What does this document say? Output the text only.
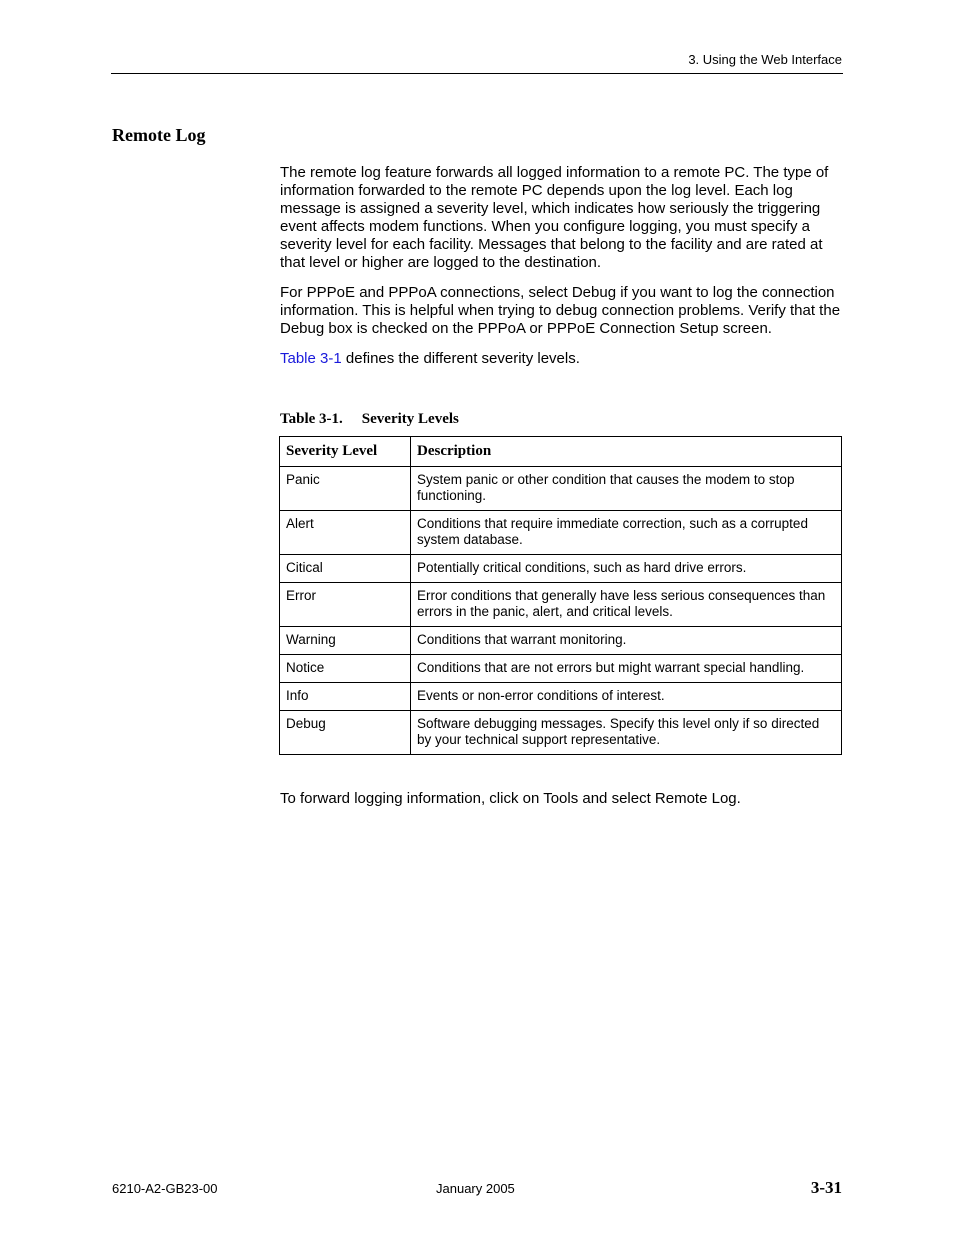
3. Using the Web Interface
Remote Log

The remote log feature forwards all logged information to a remote PC. The type of information forwarded to the remote PC depends upon the log level. Each log message is assigned a severity level, which indicates how seriously the triggering event affects modem functions. When you configure logging, you must specify a severity level for each facility. Messages that belong to the facility and are rated at that level or higher are logged to the destination.

For PPPoE and PPPoA connections, select Debug if you want to log the connection information. This is helpful when trying to debug connection problems. Verify that the Debug box is checked on the PPPoA or PPPoE Connection Setup screen.

Table 3-1 defines the different severity levels.

Table 3-1. Severity Levels
Severity Level	Description
Panic	System panic or other condition that causes the modem to stop functioning.
Alert	Conditions that require immediate correction, such as a corrupted system database.
Citical	Potentially critical conditions, such as hard drive errors.
Error	Error conditions that generally have less serious consequences than errors in the panic, alert, and critical levels.
Warning	Conditions that warrant monitoring.
Notice	Conditions that are not errors but might warrant special handling.
Info	Events or non-error conditions of interest.
Debug	Software debugging messages. Specify this level only if so directed by your technical support representative.
To forward logging information, click on Tools and select Remote Log.
6210-A2-GB23-00	January 2005	3-31
